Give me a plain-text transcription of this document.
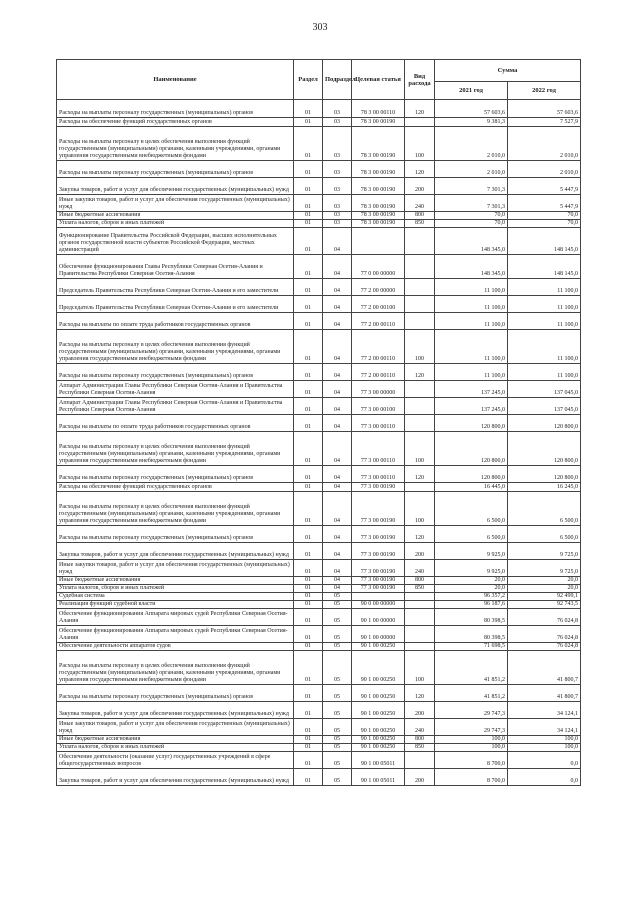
303
Наименование	Раздел	Подраздел	Целевая статья	Вид расхода	Сумма	
					2021 год	2022 год
Расходы на выплаты персоналу государственных (муниципальных) органов	01	03	78 3 00 00110	120	57 603,6	57 603,6
Расходы на обеспечение функций государственных органов	01	03	78 3 00 00190		9 381,3	7 527,9
Расходы на выплаты персоналу в целях обеспечения выполнения функций государственными (муниципальными) органами, казенными учреждениями, органами управления государственными внебюджетными фондами	01	03	78 3 00 00190	100	2 010,0	2 010,0
Расходы на выплаты персоналу государственных (муниципальных) органов	01	03	78 3 00 00190	120	2 010,0	2 010,0
Закупка товаров, работ и услуг для обеспечения государственных (муниципальных) нужд	01	03	78 3 00 00190	200	7 301,3	5 447,9
Иные закупки товаров, работ и услуг для обеспечения государственных (муниципальных) нужд	01	03	78 3 00 00190	240	7 301,3	5 447,9
Иные бюджетные ассигнования	01	03	78 3 00 00190	800	70,0	70,0
Уплата налогов, сборов и иных платежей	01	03	78 3 00 00190	850	70,0	70,0
Функционирование Правительства Российской Федерации, высших исполнительных органов государственной власти субъектов Российской Федерации, местных администраций	01	04			148 345,0	148 145,0
Обеспечение функционирования Главы Республики Северная Осетия-Алания и Правительства Республики Северная Осетия-Алания	01	04	77 0 00 00000		148 345,0	148 145,0
Председатель Правительства Республики Северная Осетия-Алания и его заместители	01	04	77 2 00 00000		11 100,0	11 100,0
Председатель Правительства Республики Северная Осетия-Алания и его заместители	01	04	77 2 00 00100		11 100,0	11 100,0
Расходы на выплаты по оплате труда работников государственных органов	01	04	77 2 00 00110		11 100,0	11 100,0
Расходы на выплаты персоналу в целях обеспечения выполнения функций государственными (муниципальными) органами, казенными учреждениями, органами управления государственными внебюджетными фондами	01	04	77 2 00 00110	100	11 100,0	11 100,0
Расходы на выплаты персоналу государственных (муниципальных) органов	01	04	77 2 00 00110	120	11 100,0	11 100,0
Аппарат Администрации Главы Республики Северная Осетия-Алания и Правительства Республики Северная Осетия-Алания	01	04	77 3 00 00000		137 245,0	137 045,0
Аппарат Администрации Главы Республики Северная Осетия-Алания и Правительства Республики Северная Осетия-Алания	01	04	77 3 00 00100		137 245,0	137 045,0
Расходы на выплаты по оплате труда работников государственных органов	01	04	77 3 00 00110		120 800,0	120 800,0
Расходы на выплаты персоналу в целях обеспечения выполнения функций государственными (муниципальными) органами, казенными учреждениями, органами управления государственными внебюджетными фондами	01	04	77 3 00 00110	100	120 800,0	120 800,0
Расходы на выплаты персоналу государственных (муниципальных) органов	01	04	77 3 00 00110	120	120 800,0	120 800,0
Расходы на обеспечение функций государственных органов	01	04	77 3 00 00190		16 445,0	16 245,0
Расходы на выплаты персоналу в целях обеспечения выполнения функций государственными (муниципальными) органами, казенными учреждениями, органами управления государственными внебюджетными фондами	01	04	77 3 00 00190	100	6 500,0	6 500,0
Расходы на выплаты персоналу государственных (муниципальных) органов	01	04	77 3 00 00190	120	6 500,0	6 500,0
Закупка товаров, работ и услуг для обеспечения государственных (муниципальных) нужд	01	04	77 3 00 00190	200	9 925,0	9 725,0
Иные закупки товаров, работ и услуг для обеспечения государственных (муниципальных) нужд	01	04	77 3 00 00190	240	9 925,0	9 725,0
Иные бюджетные ассигнования	01	04	77 3 00 00190	800	20,0	20,0
Уплата налогов, сборов и иных платежей	01	04	77 3 00 00190	850	20,0	20,0
Судебная система	01	05			96 357,2	92 499,1
Реализация функций судебной власти	01	05	90 0 00 00000		96 187,6	92 743,5
Обеспечение функционирования Аппарата мировых судей Республики Северная Осетия-Алания	01	05	90 1 00 00000		80 398,5	76 024,8
Обеспечение функционирования Аппарата мировых судей Республики Северная Осетия-Алания	01	05	90 1 00 00000		80 398,5	76 024,8
Обеспечение деятельности аппаратов судов	01	05	90 1 00 00250		71 698,5	76 024,8
Расходы на выплаты персоналу в целях обеспечения выполнения функций государственными (муниципальными) органами, казенными учреждениями, органами управления государственными внебюджетными фондами	01	05	90 1 00 00250	100	41 851,2	41 800,7
Расходы на выплаты персоналу государственных (муниципальных) органов	01	05	90 1 00 00250	120	41 851,2	41 800,7
Закупка товаров, работ и услуг для обеспечения государственных (муниципальных) нужд	01	05	90 1 00 00250	200	29 747,3	34 124,1
Иные закупки товаров, работ и услуг для обеспечения государственных (муниципальных) нужд	01	05	90 1 00 00250	240	29 747,3	34 124,1
Иные бюджетные ассигнования	01	05	90 1 00 00250	800	100,0	100,0
Уплата налогов, сборов и иных платежей	01	05	90 1 00 00250	850	100,0	100,0
Обеспечение деятельности (оказание услуг) государственных учреждений в сфере общегосударственных вопросов	01	05	90 1 00 05011		8 700,0	0,0
Закупка товаров, работ и услуг для обеспечения государственных (муниципальных) нужд	01	05	90 1 00 05011	200	8 700,0	0,0
